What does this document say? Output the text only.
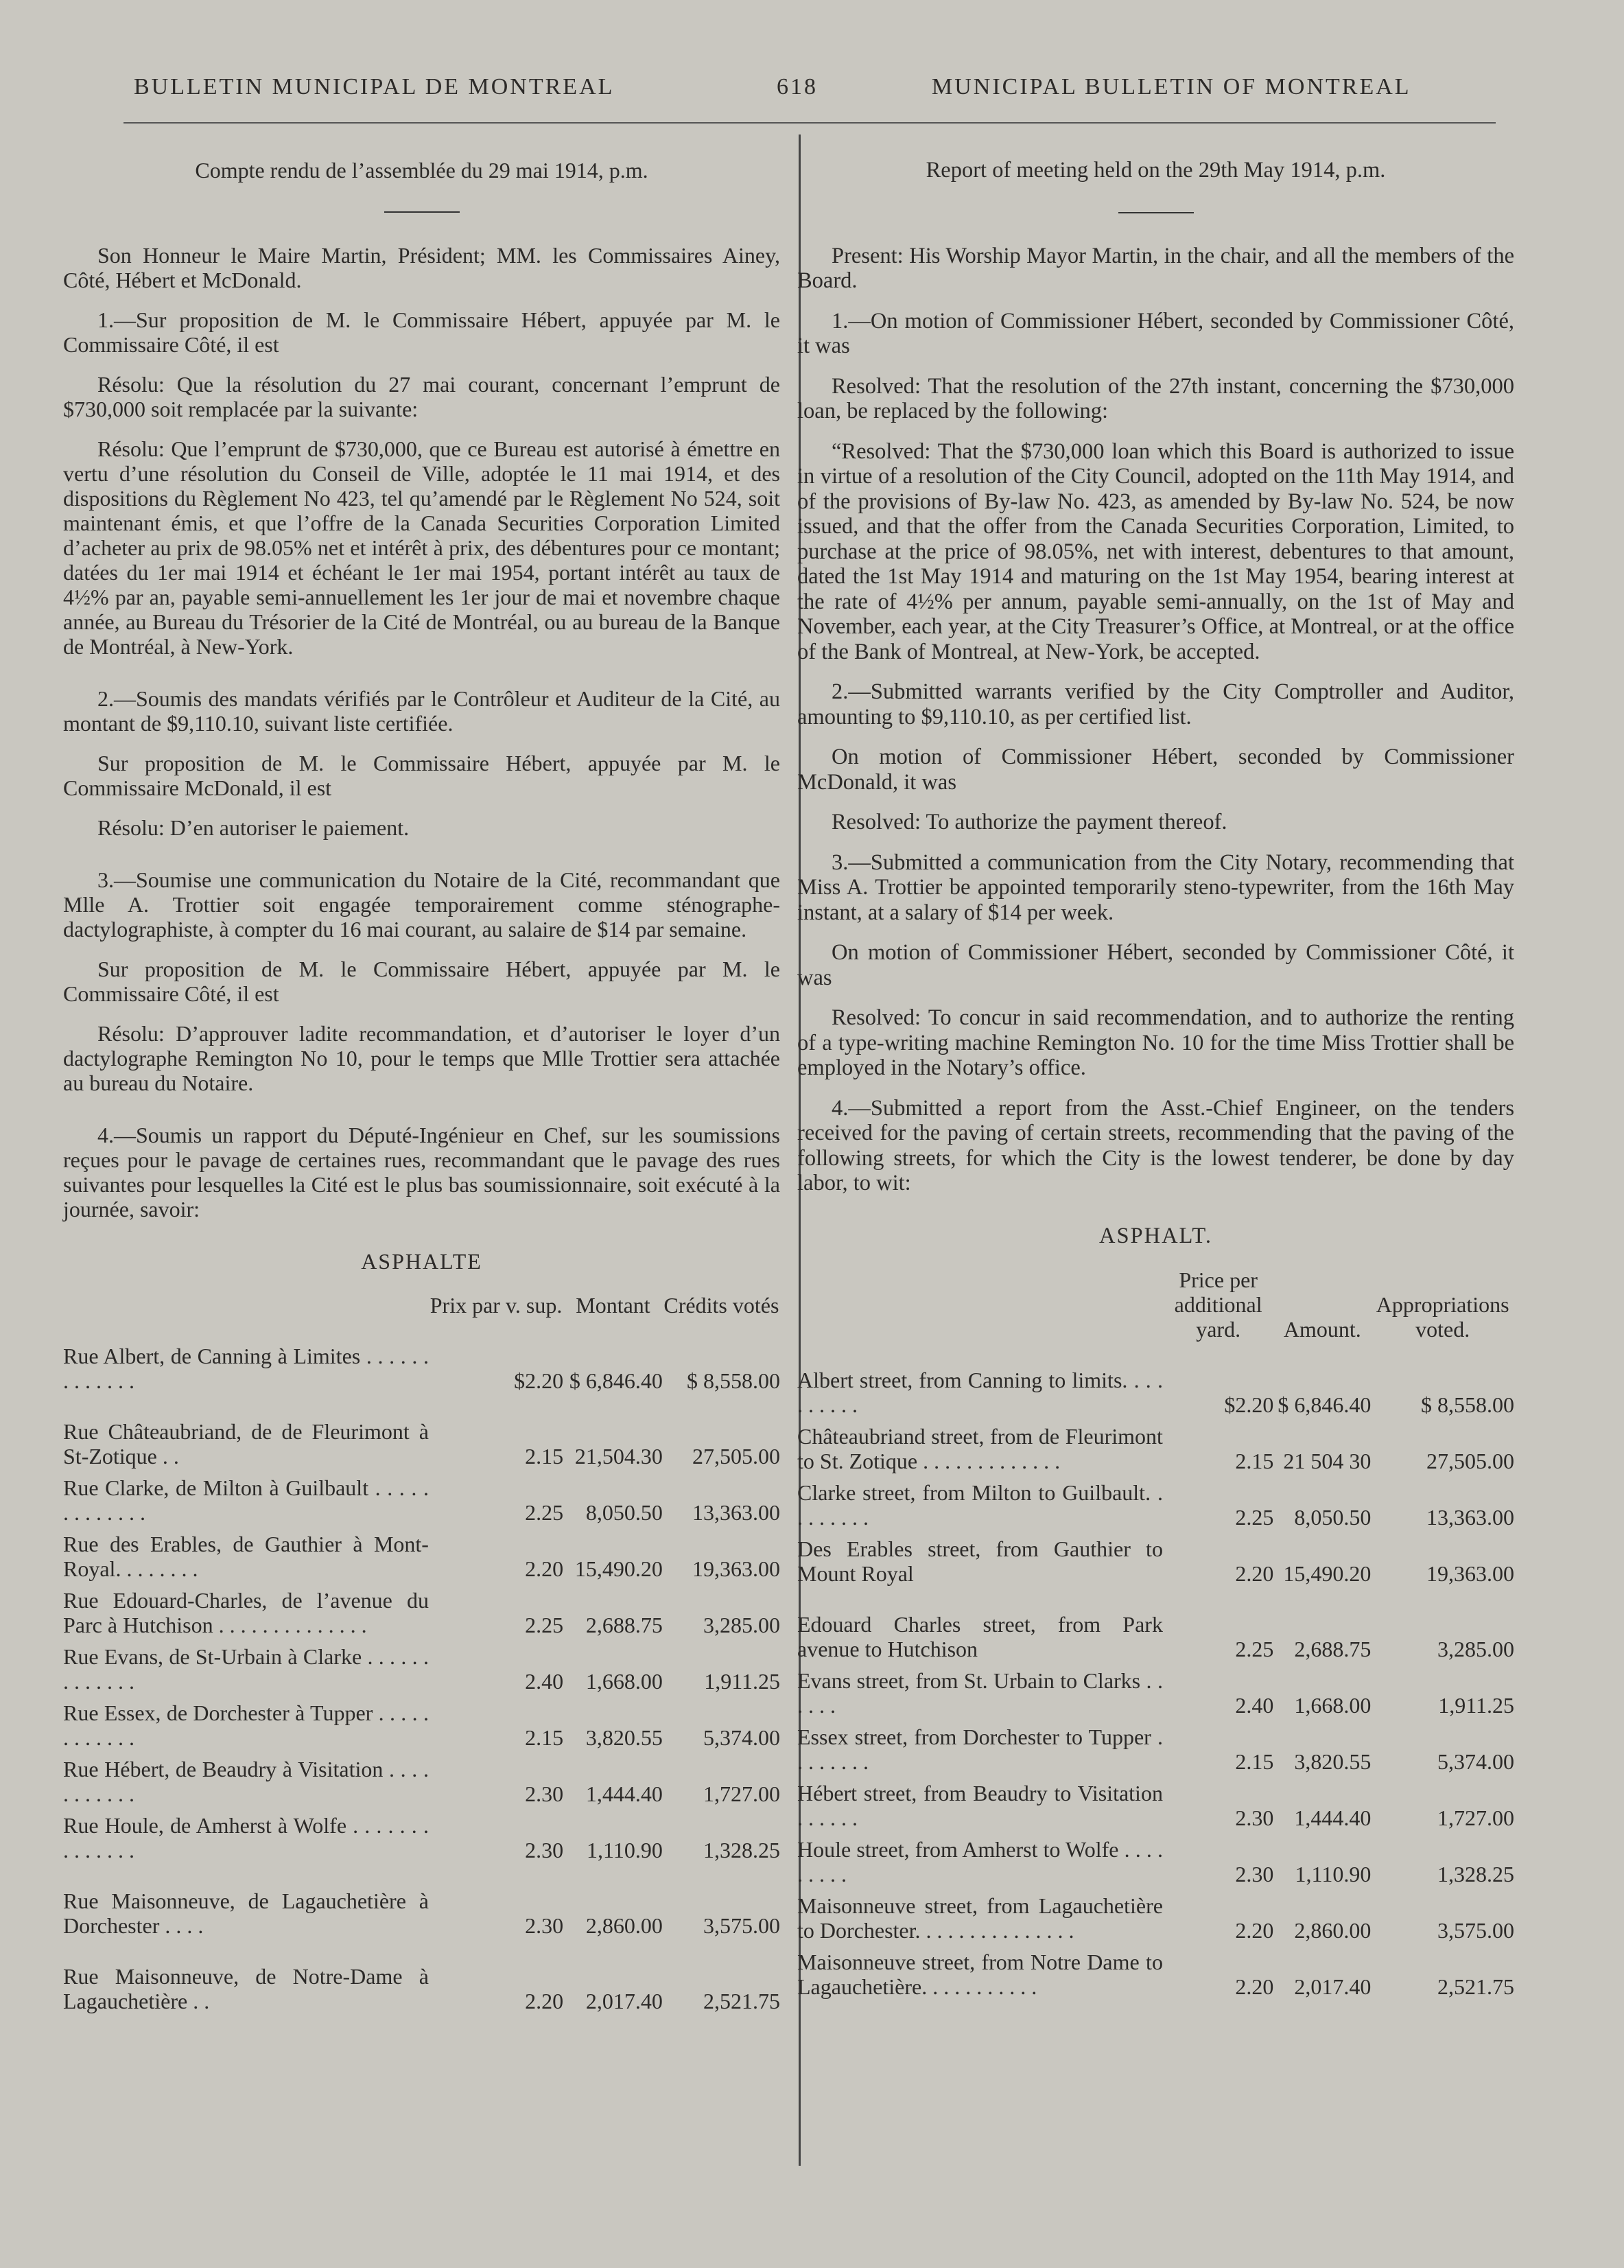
BULLETIN MUNICIPAL DE MONTREAL	618	MUNICIPAL BULLETIN OF MONTREAL

Compte rendu de l’assemblée du 29 mai 1914, p.m.

Son Honneur le Maire Martin, Président; MM. les Commissaires Ainey, Côté, Hébert et McDonald.

1.—Sur proposition de M. le Commissaire Hébert, appuyée par M. le Commissaire Côté, il est

Résolu: Que la résolution du 27 mai courant, concernant l’emprunt de $730,000 soit remplacée par la suivante:

Résolu: Que l’emprunt de $730,000, que ce Bureau est autorisé à émettre en vertu d’une résolution du Conseil de Ville, adoptée le 11 mai 1914, et des dispositions du Règlement No 423, tel qu’amendé par le Règlement No 524, soit maintenant émis, et que l’offre de la Canada Securities Corporation Limited d’acheter au prix de 98.05% net et intérêt à prix, des débentures pour ce montant; datées du 1er mai 1914 et échéant le 1er mai 1954, portant intérêt au taux de 4½% par an, payable semi-annuellement les 1er jour de mai et novembre chaque année, au Bureau du Trésorier de la Cité de Montréal, ou au bureau de la Banque de Montréal, à New-York.

2.—Soumis des mandats vérifiés par le Contrôleur et Auditeur de la Cité, au montant de $9,110.10, suivant liste certifiée.

Sur proposition de M. le Commissaire Hébert, appuyée par M. le Commissaire McDonald, il est

Résolu: D’en autoriser le paiement.

3.—Soumise une communication du Notaire de la Cité, recommandant que Mlle A. Trottier soit engagée temporairement comme sténographe-dactylographiste, à compter du 16 mai courant, au salaire de $14 par semaine.

Sur proposition de M. le Commissaire Hébert, appuyée par M. le Commissaire Côté, il est

Résolu: D’approuver ladite recommandation, et d’autoriser le loyer d’un dactylographe Remington No 10, pour le temps que Mlle Trottier sera attachée au bureau du Notaire.

4.—Soumis un rapport du Député-Ingénieur en Chef, sur les soumissions reçues pour le pavage de certaines rues, recommandant que le pavage des rues suivantes pour lesquelles la Cité est le plus bas soumissionnaire, soit exécuté à la journée, savoir:

ASPHALTE

	Prix par v. sup.	Montant	Crédits votés
Rue Albert, de Canning à Limites . . . . . . . . . . . . .	$2.20	$ 6,846.40	$ 8,558.00
Rue Châteaubriand, de de Fleurimont à St-Zotique . .	2.15	21,504.30	27,505.00
Rue Clarke, de Milton à Guilbault . . . . . . . . . . . . .	2.25	8,050.50	13,363.00
Rue des Erables, de Gauthier à Mont-Royal. . . . . . . .	2.20	15,490.20	19,363.00
Rue Edouard-Charles, de l’avenue du Parc à Hutchison . . . . . . . . . . . . . .	2.25	2,688.75	3,285.00
Rue Evans, de St-Urbain à Clarke . . . . . . . . . . . . .	2.40	1,668.00	1,911.25
Rue Essex, de Dorchester à Tupper . . . . . . . . . . . .	2.15	3,820.55	5,374.00
Rue Hébert, de Beaudry à Visitation . . . . . . . . . . .	2.30	1,444.40	1,727.00
Rue Houle, de Amherst à Wolfe . . . . . . . . . . . . . .	2.30	1,110.90	1,328.25
Rue Maisonneuve, de Lagauchetière à Dorchester . . . .	2.30	2,860.00	3,575.00
Rue Maisonneuve, de Notre-Dame à Lagauchetière . .	2.20	2,017.40	2,521.75

Report of meeting held on the 29th May 1914, p.m.

Present: His Worship Mayor Martin, in the chair, and all the members of the Board.

1.—On motion of Commissioner Hébert, seconded by Commissioner Côté, it was

Resolved: That the resolution of the 27th instant, concerning the $730,000 loan, be replaced by the following:

“Resolved: That the $730,000 loan which this Board is authorized to issue in virtue of a resolution of the City Council, adopted on the 11th May 1914, and of the provisions of By-law No. 423, as amended by By-law No. 524, be now issued, and that the offer from the Canada Securities Corporation, Limited, to purchase at the price of 98.05%, net with interest, debentures to that amount, dated the 1st May 1914 and maturing on the 1st May 1954, bearing interest at the rate of 4½% per annum, payable semi-annually, on the 1st of May and November, each year, at the City Treasurer’s Office, at Montreal, or at the office of the Bank of Montreal, at New-York, be accepted.

2.—Submitted warrants verified by the City Comptroller and Auditor, amounting to $9,110.10, as per certified list.

On motion of Commissioner Hébert, seconded by Commissioner McDonald, it was

Resolved: To authorize the payment thereof.

3.—Submitted a communication from the City Notary, recommending that Miss A. Trottier be appointed temporarily steno-typewriter, from the 16th May instant, at a salary of $14 per week.

On motion of Commissioner Hébert, seconded by Commissioner Côté, it was

Resolved: To concur in said recommendation, and to authorize the renting of a type-writing machine Remington No. 10 for the time Miss Trottier shall be employed in the Notary’s office.

4.—Submitted a report from the Asst.-Chief Engineer, on the tenders received for the paving of certain streets, recommending that the paving of the following streets, for which the City is the lowest tenderer, be done by day labor, to wit:

ASPHALT.

	Price per additional yard.	Amount.	Appropriations voted.
Albert street, from Canning to limits. . . . . . . . . .	$2.20	$ 6,846.40	$ 8,558.00
Châteaubriand street, from de Fleurimont to St. Zotique . . . . . . . . . . . . .	2.15	21 504 30	27,505.00
Clarke street, from Milton to Guilbault. . . . . . . . .	2.25	8,050.50	13,363.00
Des Erables street, from Gauthier to Mount Royal	2.20	15,490.20	19,363.00
Edouard Charles street, from Park avenue to Hutchison	2.25	2,688.75	3,285.00
Evans street, from St. Urbain to Clarks . . . . . .	2.40	1,668.00	1,911.25
Essex street, from Dorchester to Tupper . . . . . . . .	2.15	3,820.55	5,374.00
Hébert street, from Beaudry to Visitation . . . . . .	2.30	1,444.40	1,727.00
Houle street, from Amherst to Wolfe . . . . . . . . .	2.30	1,110.90	1,328.25
Maisonneuve street, from Lagauchetière to Dorchester. . . . . . . . . . . . . . .	2.20	2,860.00	3,575.00
Maisonneuve street, from Notre Dame to Lagauchetière. . . . . . . . . . .	2.20	2,017.40	2,521.75
